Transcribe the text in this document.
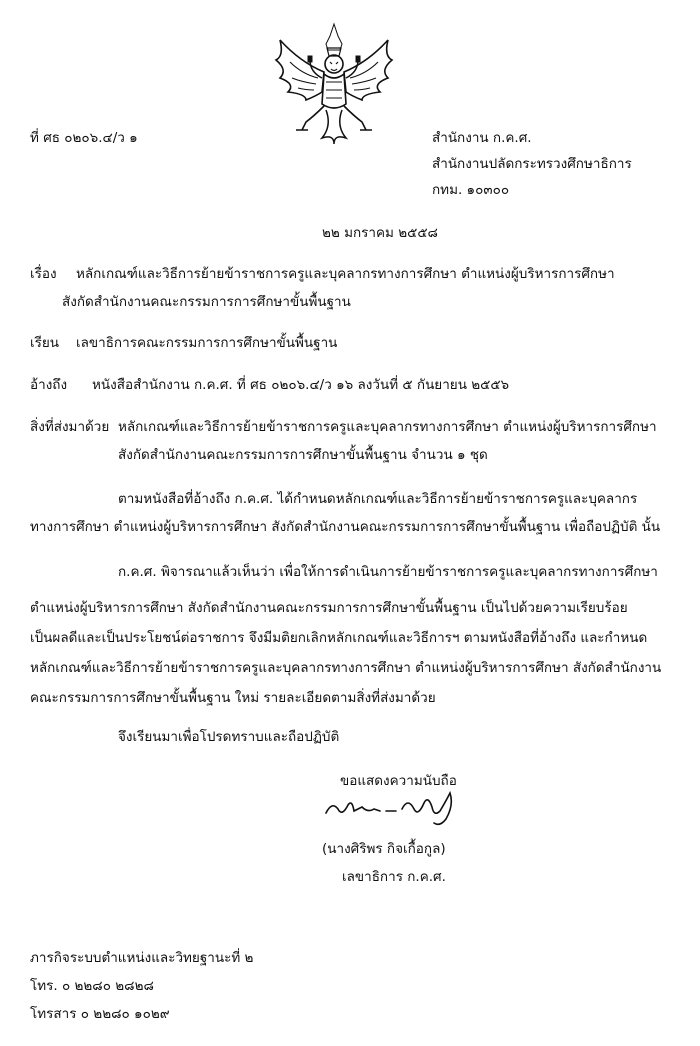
ที่ ศธ ๐๒๐๖.๔/ว ๑	สำนักงาน ก.ค.ศ.
สำนักงานปลัดกระทรวงศึกษาธิการ
กทม. ๑๐๓๐๐
๒๒ มกราคม ๒๕๕๘
เรื่อง หลักเกณฑ์และวิธีการย้ายข้าราชการครูและบุคลากรทางการศึกษา ตำแหน่งผู้บริหารการศึกษา
สังกัดสำนักงานคณะกรรมการการศึกษาขั้นพื้นฐาน
เรียน เลขาธิการคณะกรรมการการศึกษาขั้นพื้นฐาน
อ้างถึง หนังสือสำนักงาน ก.ค.ศ. ที่ ศธ ๐๒๐๖.๔/ว ๑๖ ลงวันที่ ๕ กันยายน ๒๕๕๖
สิ่งที่ส่งมาด้วย หลักเกณฑ์และวิธีการย้ายข้าราชการครูและบุคลากรทางการศึกษา ตำแหน่งผู้บริหารการศึกษา
สังกัดสำนักงานคณะกรรมการการศึกษาขั้นพื้นฐาน จำนวน ๑ ชุด
ตามหนังสือที่อ้างถึง ก.ค.ศ. ได้กำหนดหลักเกณฑ์และวิธีการย้ายข้าราชการครูและบุคลากร
ทางการศึกษา ตำแหน่งผู้บริหารการศึกษา สังกัดสำนักงานคณะกรรมการการศึกษาขั้นพื้นฐาน เพื่อถือปฏิบัติ นั้น
ก.ค.ศ. พิจารณาแล้วเห็นว่า เพื่อให้การดำเนินการย้ายข้าราชการครูและบุคลากรทางการศึกษา
ตำแหน่งผู้บริหารการศึกษา สังกัดสำนักงานคณะกรรมการการศึกษาขั้นพื้นฐาน เป็นไปด้วยความเรียบร้อย
เป็นผลดีและเป็นประโยชน์ต่อราชการ จึงมีมติยกเลิกหลักเกณฑ์และวิธีการฯ ตามหนังสือที่อ้างถึง และกำหนด
หลักเกณฑ์และวิธีการย้ายข้าราชการครูและบุคลากรทางการศึกษา ตำแหน่งผู้บริหารการศึกษา สังกัดสำนักงาน
คณะกรรมการการศึกษาขั้นพื้นฐาน ใหม่ รายละเอียดตามสิ่งที่ส่งมาด้วย
จึงเรียนมาเพื่อโปรดทราบและถือปฏิบัติ
ขอแสดงความนับถือ
(นางศิริพร กิจเกื้อกูล)
เลขาธิการ ก.ค.ศ.
ภารกิจระบบตำแหน่งและวิทยฐานะที่ ๒
โทร. ๐ ๒๒๘๐ ๒๘๒๘
โทรสาร ๐ ๒๒๘๐ ๑๐๒๙
